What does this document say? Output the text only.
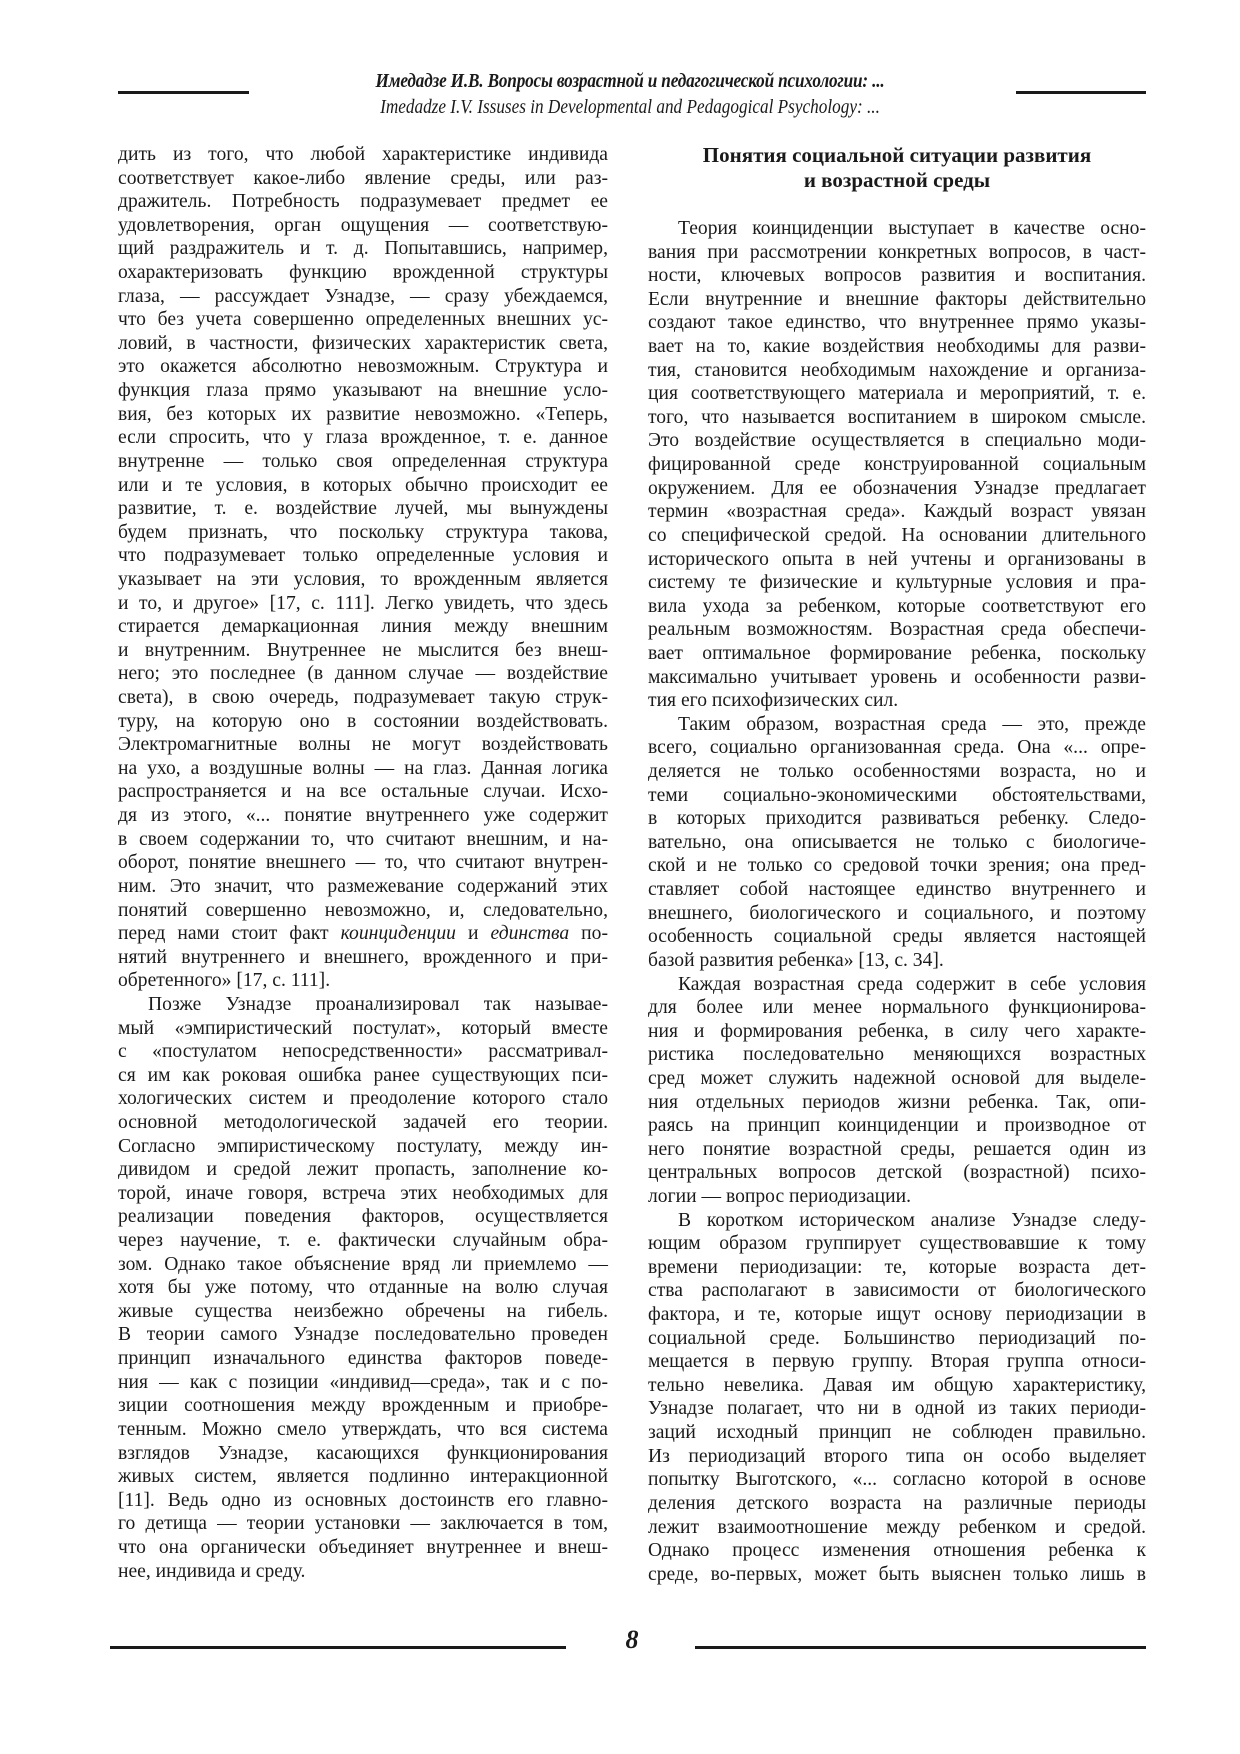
Имедадзе И.В. Вопросы возрастной и педагогической психологии: ...
Imedadze I.V. Issuses in Developmental and Pedagogical Psychology: ...
дить из того, что любой характеристике индивида
соответствует какое-либо явление среды, или раз-
дражитель. Потребность подразумевает предмет ее
удовлетворения, орган ощущения — соответствую-
щий раздражитель и т. д. Попытавшись, например,
охарактеризовать функцию врожденной структуры
глаза, — рассуждает Узнадзе, — сразу убеждаемся,
что без учета совершенно определенных внешних ус-
ловий, в частности, физических характеристик света,
это окажется абсолютно невозможным. Структура и
функция глаза прямо указывают на внешние усло-
вия, без которых их развитие невозможно. «Теперь,
если спросить, что у глаза врожденное, т. е. данное
внутренне — только своя определенная структура
или и те условия, в которых обычно происходит ее
развитие, т. е. воздействие лучей, мы вынуждены
будем признать, что поскольку структура такова,
что подразумевает только определенные условия и
указывает на эти условия, то врожденным является
и то, и другое» [17, с. 111]. Легко увидеть, что здесь
стирается демаркационная линия между внешним
и внутренним. Внутреннее не мыслится без внеш-
него; это последнее (в данном случае — воздействие
света), в свою очередь, подразумевает такую струк-
туру, на которую оно в состоянии воздействовать.
Электромагнитные волны не могут воздействовать
на ухо, а воздушные волны — на глаз. Данная логика
распространяется и на все остальные случаи. Исхо-
дя из этого, «... понятие внутреннего уже содержит
в своем содержании то, что считают внешним, и на-
оборот, понятие внешнего — то, что считают внутрен-
ним. Это значит, что размежевание содержаний этих
понятий совершенно невозможно, и, следовательно,
перед нами стоит факт коинциденции и единства по-
нятий внутреннего и внешнего, врожденного и при-
обретенного» [17, с. 111].
Позже Узнадзе проанализировал так называе-
мый «эмпиристический постулат», который вместе
с «постулатом непосредственности» рассматривал-
ся им как роковая ошибка ранее существующих пси-
хологических систем и преодоление которого стало
основной методологической задачей его теории.
Согласно эмпиристическому постулату, между ин-
дивидом и средой лежит пропасть, заполнение ко-
торой, иначе говоря, встреча этих необходимых для
реализации поведения факторов, осуществляется
через научение, т. е. фактически случайным обра-
зом. Однако такое объяснение вряд ли приемлемо —
хотя бы уже потому, что отданные на волю случая
живые существа неизбежно обречены на гибель.
В теории самого Узнадзе последовательно проведен
принцип изначального единства факторов поведе-
ния — как с позиции «индивид—среда», так и с по-
зиции соотношения между врожденным и приобре-
тенным. Можно смело утверждать, что вся система
взглядов Узнадзе, касающихся функционирования
живых систем, является подлинно интеракционной
[11]. Ведь одно из основных достоинств его главно-
го детища — теории установки — заключается в том,
что она органически объединяет внутреннее и внеш-
нее, индивида и среду.
Понятия социальной ситуации развития
и возрастной среды
Теория коинциденции выступает в качестве осно-
вания при рассмотрении конкретных вопросов, в част-
ности, ключевых вопросов развития и воспитания.
Если внутренние и внешние факторы действительно
создают такое единство, что внутреннее прямо указы-
вает на то, какие воздействия необходимы для разви-
тия, становится необходимым нахождение и организа-
ция соответствующего материала и мероприятий, т. е.
того, что называется воспитанием в широком смысле.
Это воздействие осуществляется в специально моди-
фицированной среде конструированной социальным
окружением. Для ее обозначения Узнадзе предлагает
термин «возрастная среда». Каждый возраст увязан
со специфической средой. На основании длительного
исторического опыта в ней учтены и организованы в
систему те физические и культурные условия и пра-
вила ухода за ребенком, которые соответствуют его
реальным возможностям. Возрастная среда обеспечи-
вает оптимальное формирование ребенка, поскольку
максимально учитывает уровень и особенности разви-
тия его психофизических сил.
Таким образом, возрастная среда — это, прежде
всего, социально организованная среда. Она «... опре-
деляется не только особенностями возраста, но и
теми социально-экономическими обстоятельствами,
в которых приходится развиваться ребенку. Следо-
вательно, она описывается не только с биологиче-
ской и не только со средовой точки зрения; она пред-
ставляет собой настоящее единство внутреннего и
внешнего, биологического и социального, и поэтому
особенность социальной среды является настоящей
базой развития ребенка» [13, с. 34].
Каждая возрастная среда содержит в себе условия
для более или менее нормального функционирова-
ния и формирования ребенка, в силу чего характе-
ристика последовательно меняющихся возрастных
сред может служить надежной основой для выделе-
ния отдельных периодов жизни ребенка. Так, опи-
раясь на принцип коинциденции и производное от
него понятие возрастной среды, решается один из
центральных вопросов детской (возрастной) психо-
логии — вопрос периодизации.
В коротком историческом анализе Узнадзе следу-
ющим образом группирует существовавшие к тому
времени периодизации: те, которые возраста дет-
ства располагают в зависимости от биологического
фактора, и те, которые ищут основу периодизации в
социальной среде. Большинство периодизаций по-
мещается в первую группу. Вторая группа относи-
тельно невелика. Давая им общую характеристику,
Узнадзе полагает, что ни в одной из таких периоди-
заций исходный принцип не соблюден правильно.
Из периодизаций второго типа он особо выделяет
попытку Выготского, «... согласно которой в основе
деления детского возраста на различные периоды
лежит взаимоотношение между ребенком и средой.
Однако процесс изменения отношения ребенка к
среде, во-первых, может быть выяснен только лишь в
8
